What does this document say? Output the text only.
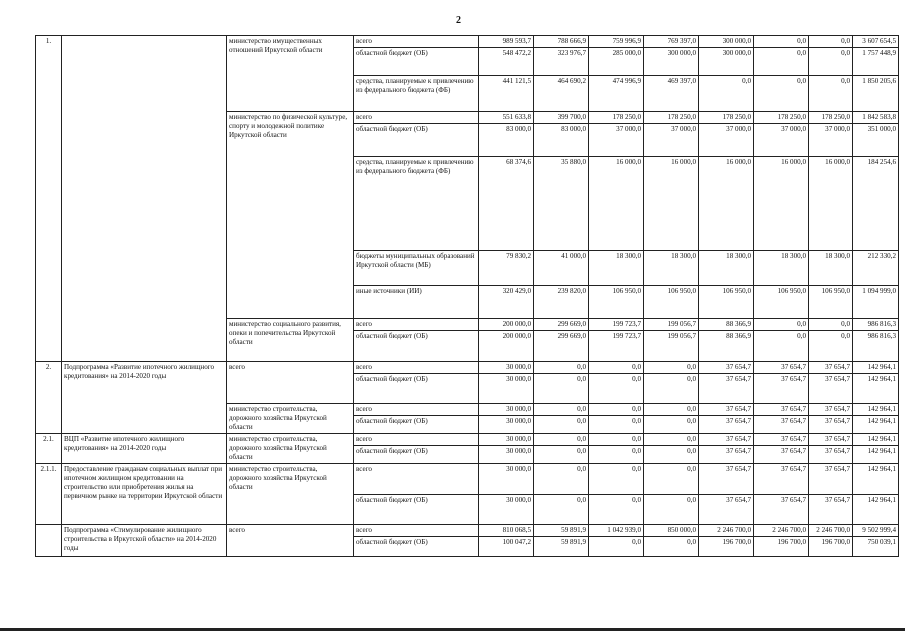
2
1.		министерство имущественных отношений Иркутской области	всего	989 593,7	788 666,9	759 996,9	769 397,0	300 000,0	0,0	0,0	3 607 654,5
			областной бюджет (ОБ)	548 472,2	323 976,7	285 000,0	300 000,0	300 000,0	0,0	0,0	1 757 448,9
			средства, планируемые к привлечению из федерального бюджета (ФБ)	441 121,5	464 690,2	474 996,9	469 397,0	0,0	0,0	0,0	1 850 205,6
		министерство по физической культуре, спорту и молодежной политике Иркутской области	всего	551 633,8	399 700,0	178 250,0	178 250,0	178 250,0	178 250,0	178 250,0	1 842 583,8
			областной бюджет (ОБ)	83 000,0	83 000,0	37 000,0	37 000,0	37 000,0	37 000,0	37 000,0	351 000,0
			средства, планируемые к привлечению из федерального бюджета (ФБ)	68 374,6	35 880,0	16 000,0	16 000,0	16 000,0	16 000,0	16 000,0	184 254,6
			бюджеты муниципальных образований Иркутской области (МБ)	79 830,2	41 000,0	18 300,0	18 300,0	18 300,0	18 300,0	18 300,0	212 330,2
			иные источники (ИИ)	320 429,0	239 820,0	106 950,0	106 950,0	106 950,0	106 950,0	106 950,0	1 094 999,0
		министерство социального развития, опеки и попечительства Иркутской области	всего	200 000,0	299 669,0	199 723,7	199 056,7	88 366,9	0,0	0,0	986 816,3
			областной бюджет (ОБ)	200 000,0	299 669,0	199 723,7	199 056,7	88 366,9	0,0	0,0	986 816,3
2.	Подпрограмма «Развитие ипотечного жилищного кредитования» на 2014-2020 годы	всего	всего	30 000,0	0,0	0,0	0,0	37 654,7	37 654,7	37 654,7	142 964,1
			областной бюджет (ОБ)	30 000,0	0,0	0,0	0,0	37 654,7	37 654,7	37 654,7	142 964,1
		министерство строительства, дорожного хозяйства Иркутской области	всего	30 000,0	0,0	0,0	0,0	37 654,7	37 654,7	37 654,7	142 964,1
			областной бюджет (ОБ)	30 000,0	0,0	0,0	0,0	37 654,7	37 654,7	37 654,7	142 964,1
2.1.	ВЦП «Развитие ипотечного жилищного кредитования» на 2014-2020 годы	министерство строительства, дорожного хозяйства Иркутской области	всего	30 000,0	0,0	0,0	0,0	37 654,7	37 654,7	37 654,7	142 964,1
			областной бюджет (ОБ)	30 000,0	0,0	0,0	0,0	37 654,7	37 654,7	37 654,7	142 964,1
2.1.1.	Предоставление гражданам социальных выплат при ипотечном жилищном кредитовании на строительство или приобретения жилья на первичном рынке на территории Иркутской области	министерство строительства, дорожного хозяйства Иркутской области	всего	30 000,0	0,0	0,0	0,0	37 654,7	37 654,7	37 654,7	142 964,1
			областной бюджет (ОБ)	30 000,0	0,0	0,0	0,0	37 654,7	37 654,7	37 654,7	142 964,1
	Подпрограмма «Стимулирование жилищного строительства в Иркутской области» на 2014-2020 годы	всего	всего	810 068,5	59 891,9	1 042 939,0	850 000,0	2 246 700,0	2 246 700,0	2 246 700,0	9 502 999,4
			областной бюджет (ОБ)	100 047,2	59 891,9	0,0	0,0	196 700,0	196 700,0	196 700,0	750 039,1
